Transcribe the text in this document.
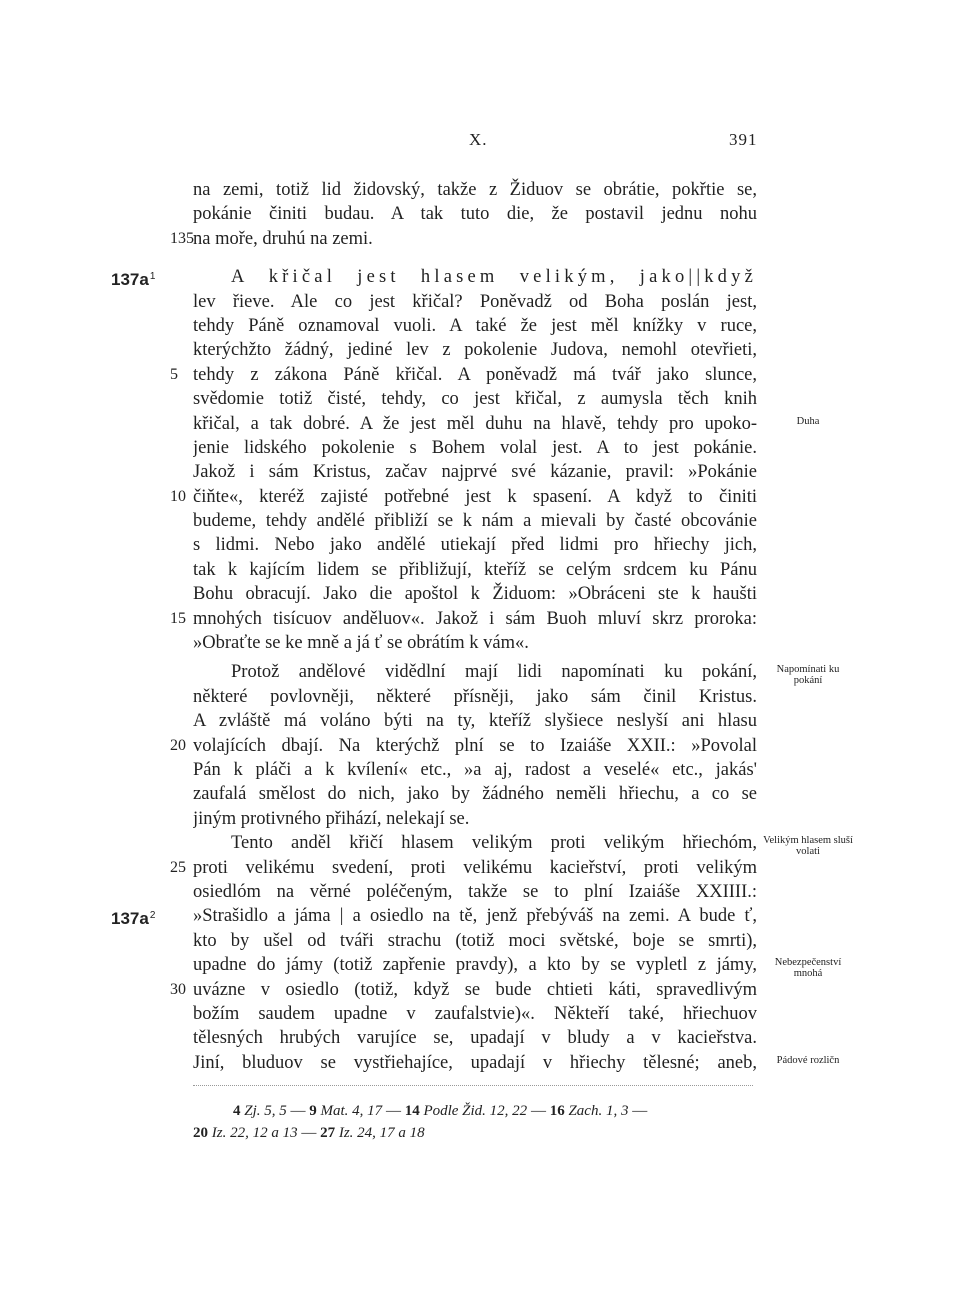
X.	391
na zemi, totiž lid židovský, takže z Židuov se obrátie, pokřtie se,
pokánie činiti budau. A tak tuto die, že postavil jednu nohu
na moře, druhú na zemi.
135
A křičal jest hlasem velikým, jako||když
$137a^1$
lev řieve. Ale co jest křičal? Poněvadž od Boha poslán jest,
tehdy Páně oznamoval vuoli. A také že jest měl knížky v ruce,
kterýchžto žádný, jediné lev z pokolenie Judova, nemohl otevřieti,
tehdy z zákona Páně křičal. A poněvadž má tvář jako slunce,
5
svědomie totiž čisté, tehdy, co jest křičal, z aumysla těch knih
křičal, a tak dobré. A že jest měl duhu na hlavě, tehdy pro upoko-	Duha
jenie lidského pokolenie s Bohem volal jest. A to jest pokánie.
Jakož i sám Kristus, začav najprvé své kázanie, pravil: »Pokánie
čiňte«, kteréž zajisté potřebné jest k spasení. A když to činiti
10
budeme, tehdy andělé přibliží se k nám a mievali by časté obcovánie
s lidmi. Nebo jako andělé utiekají před lidmi pro hřiechy jich,
tak k kajícím lidem se přibližují, kteříž se celým srdcem ku Pánu
Bohu obracují. Jako die apoštol k Židuom: »Obráceni ste k haušti
mnohých tisícuov anděluov«. Jakož i sám Buoh mluví skrz proroka:
15
»Obraťte se ke mně a já ť se obrátím k vám«.
Protož andělové vidědlní mají lidi napomínati ku pokání,	Napomínati ku pokání
některé povlovněji, některé přísněji, jako sám činil Kristus.
A zvláště má voláno býti na ty, kteříž slyšiece neslyší ani hlasu
volajících dbají. Na kterýchž plní se to Izaiáše XXII.: »Povolal
20
Pán k pláči a k kvílení« etc., »a aj, radost a veselé« etc., jakás'
zaufalá smělost do nich, jako by žádného neměli hřiechu, a co se
jiným protivného přihází, nelekají se.
Tento anděl křičí hlasem velikým proti velikým hřiechóm, Velikým hlasem sluší volati
proti velikému svedení, proti velikému kacieřství, proti velikým
25
osiedlóm na věrné poléčeným, takže se to plní Izaiáše XXIIII.:
»Strašidlo a jáma | a osiedlo na tě, jenž přebýváš na zemi. A bude ť,
$137a^2$
kto by ušel od tváři strachu (totiž moci světské, boje se smrti),
upadne do jámy (totiž zapřenie pravdy), a kto by se vypletl z jámy,	Nebezpečenství mnohá
uvázne v osiedlo (totiž, když se bude chtieti káti, spravedlivým
30
božím saudem upadne v zaufalstvie)«. Někteří také, hřiechuov
tělesných hrubých varujíce se, upadají v bludy a v kacieřstva.
Jiní, bluduov se vystřiehajíce, upadají v hřiechy tělesné; aneb,	Pádové rozličn
4 Zj. 5, 5 — 9 Mat. 4, 17 — 14 Podle Žid. 12, 22 — 16 Zach. 1, 3 —
20 Iz. 22, 12 a 13 — 27 Iz. 24, 17 a 18
